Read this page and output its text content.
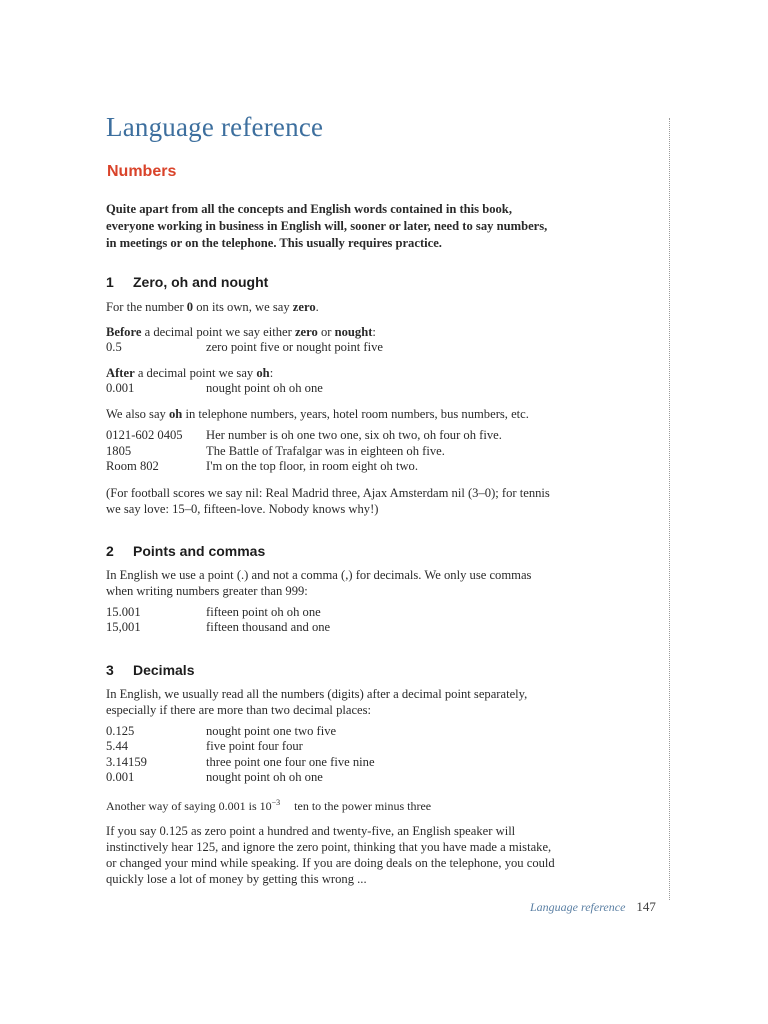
Language reference
Numbers

Quite apart from all the concepts and English words contained in this book, everyone working in business in English will, sooner or later, need to say numbers, in meetings or on the telephone. This usually requires practice.

1	Zero, oh and nought

For the number 0 on its own, we say zero.

Before a decimal point we say either zero or nought:

0.5	zero point five or nought point five

After a decimal point we say oh:

0.001	nought point oh oh one

We also say oh in telephone numbers, years, hotel room numbers, bus numbers, etc.

0121-602 0405	Her number is oh one two one, six oh two, oh four oh five.
1805	The Battle of Trafalgar was in eighteen oh five.
Room 802	I'm on the top floor, in room eight oh two.

(For football scores we say nil: Real Madrid three, Ajax Amsterdam nil (3–0); for tennis we say love: 15–0, fifteen-love. Nobody knows why!)

2	Points and commas

In English we use a point (.) and not a comma (,) for decimals. We only use commas when writing numbers greater than 999:

15.001	fifteen point oh oh one
15,001	fifteen thousand and one
3	Decimals

In English, we usually read all the numbers (digits) after a decimal point separately, especially if there are more than two decimal places:

0.125	nought point one two five
5.44	five point four four
3.14159	three point one four one five nine
0.001	nought point oh oh one

Another way of saying 0.001 is $10^{-3}$ ten to the power minus three

If you say 0.125 as zero point a hundred and twenty-five, an English speaker will instinctively hear 125, and ignore the zero point, thinking that you have made a mistake, or changed your mind while speaking. If you are doing deals on the telephone, you could quickly lose a lot of money by getting this wrong ...

Language reference 147
